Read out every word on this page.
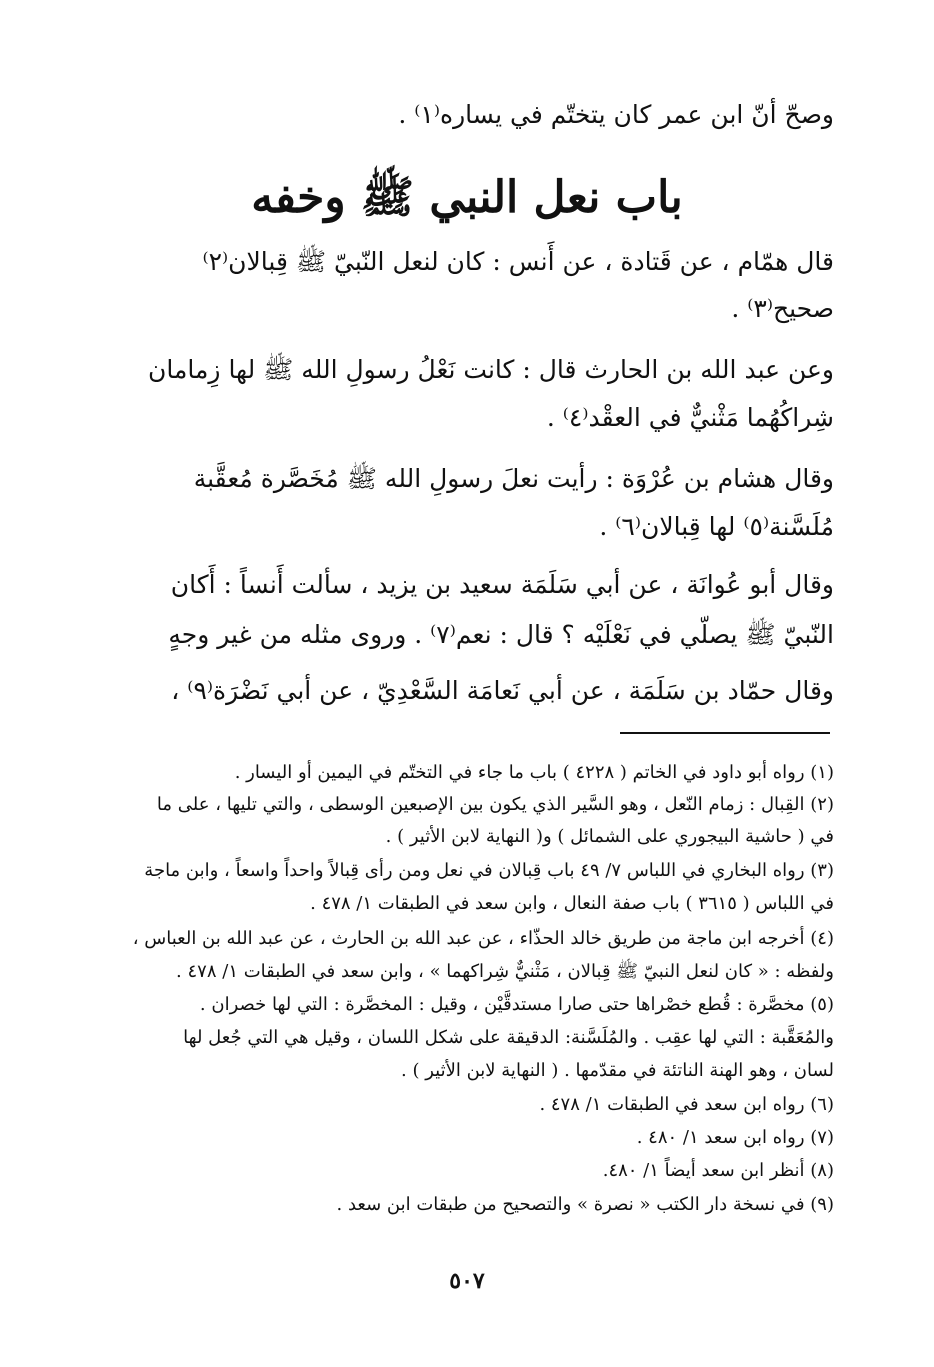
وصحّ أنّ ابن عمر كان يتختّم في يساره⁽١⁾ .
باب نعل النبي ﷺ وخفه
قال همّام ، عن قَتادة ، عن أَنس : كان لنعل النّبيّ ﷺ قِبالان⁽٢⁾
صحيح⁽٣⁾ .
وعن عبد الله بن الحارث قال : كانت نَعْلُ رسولِ الله ﷺ لها زِمامان
شِراكُهُما مَثْنيٌّ في العقْد⁽٤⁾ .
وقال هشام بن عُرْوَة : رأيت نعلَ رسولِ الله ﷺ مُخَصَّرة مُعقَّبة
مُلَسَّنة⁽٥⁾ لها قِبالان⁽٦⁾ .
وقال أبو عُوانَة ، عن أبي سَلَمَة سعيد بن يزيد ، سألت أَنساً : أَكان
النّبيّ ﷺ يصلّي في نَعْلَيْه ؟ قال : نعم⁽٧⁾ . وروى مثله من غير وجهٍ
وقال حمّاد بن سَلَمَة ، عن أبي نَعامَة السَّعْدِيّ ، عن أبي نَضْرَة⁽٩⁾ ،
(١) رواه أبو داود في الخاتم ( ٤٢٢٨ ) باب ما جاء في التختّم في اليمين أو اليسار .
(٢) القِبال : زمام النّعل ، وهو السَّير الذي يكون بين الإصبعين الوسطى ، والتي تليها ، على ما
في ( حاشية البيجوري على الشمائل ) و( النهاية لابن الأثير ) .
(٣) رواه البخاري في اللباس ٧/ ٤٩ باب قِبالان في نعل ومن رأى قِبالاً واحداً واسعاً ، وابن ماجة
في اللباس ( ٣٦١٥ ) باب صفة النعال ، وابن سعد في الطبقات ١/ ٤٧٨ .
(٤) أخرجه ابن ماجة من طريق خالد الحذّاء ، عن عبد الله بن الحارث ، عن عبد الله بن العباس ،
ولفظه : « كان لنعل النبيّ ﷺ قِبالان ، مَثْنيٌّ شِراكهما » ، وابن سعد في الطبقات ١/ ٤٧٨ .
(٥) مخصَّرة : قُطع خصْراها حتى صارا مستدقَّيْن ، وقيل : المخصَّرة : التي لها خصران .
والمُعَقَّبة : التي لها عقِب . والمُلَسَّنة: الدقيقة على شكل اللسان ، وقيل هي التي جُعل لها
لسان ، وهو الهنة الناتئة في مقدّمها . ( النهاية لابن الأثير ) .
(٦) رواه ابن سعد في الطبقات ١/ ٤٧٨ .
(٧) رواه ابن سعد ١/ ٤٨٠ .
(٨) أنظر ابن سعد أيضاً ١/ ٤٨٠.
(٩) في نسخة دار الكتب « نصرة » والتصحيح من طبقات ابن سعد .
٥٠٧
